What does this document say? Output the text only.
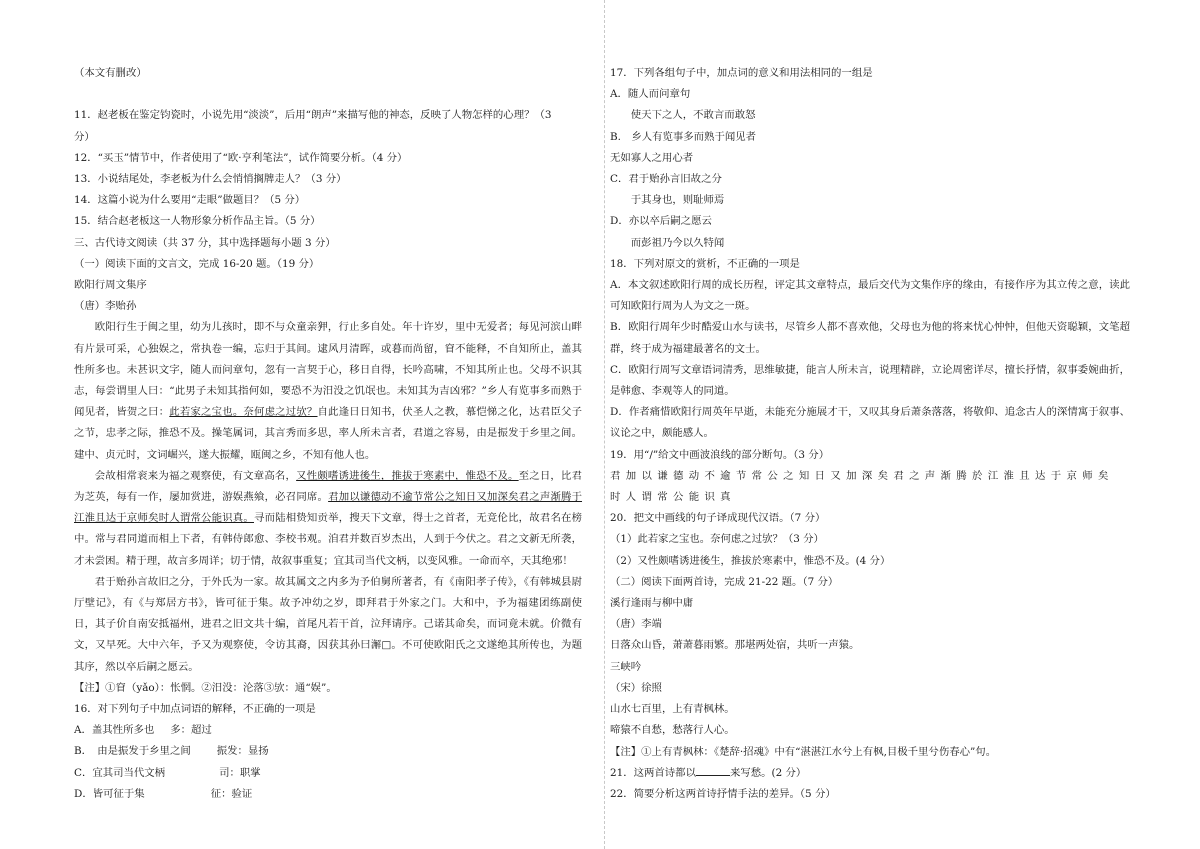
（本文有删改）
11．赵老板在鉴定钧瓷时，小说先用“淡淡”，后用“朗声”来描写他的神态，反映了人物怎样的心理？（3
分）
12．“买玉”情节中，作者使用了“欧·亨利笔法”，试作简要分析。（4 分）
13．小说结尾处，李老板为什么会悄悄搁牌走人？（3 分）
14．这篇小说为什么要用“走眼”做题目？（5 分）
15．结合赵老板这一人物形象分析作品主旨。（5 分）
三、古代诗文阅读（共 37 分，其中选择题每小题 3 分）
（一）阅读下面的文言文，完成 16-20 题。（19 分）
欧阳行周文集序
（唐）李贻孙
欧阳行生于闽之里，幼为儿孩时，即不与众童亲狎，行止多自处。年十许岁，里中无爱者；每见河滨山畔有片景可采，心独娱之，常执卷一编，忘归于其间。逮风月清晖，或暮而尚留，窅不能释，不自知所止，盖其性所多也。未甚识文字，随人而问章句，忽有一言契于心，移日自得，长吟高啸，不知其所止也。父母不识其志，每尝谓里人曰：“此男子未知其指何如，要恐不为汨没之饥氓也。未知其为吉凶邪？”乡人有览事多而熟于闻见者，皆贺之曰：此若家之宝也。奈何虑之过欤？自此逢日日知书，伏圣人之教，慕恺悌之化，达君臣父子之节，忠孝之际，推恐不及。操笔属词，其言秀而多思，率人所未言者，君道之容易，由是振发于乡里之间。建中、贞元时，文词崛兴，遂大振耀，瓯闽之乡，不知有他人也。
会故相常衮来为福之观察使，有文章高名，又性颇嗜诱进後生，推拔于寒素中，惟恐不及。至之日，比君为芝英，每有一作，屡加赏进，游娱燕飨，必召同席。君加以谦德动不逾节常公之知日又加深矣君之声渐腾于江淮且达于京师矣时人谓常公能识真。寻而陆相贽知贡举，搜天下文章，得士之首者，无竞伦比，故君名在榜中。常与君同道而相上下者，有韩侍郎愈、李校书观。洎君并数百岁杰出，人到于今伏之。君之文新无所袭，才未尝困。精于理，故言多周详；切于情，故叙事重复；宜其司当代文柄，以变风雅。一命而卒，天其绝邪！
君于贻孙言故旧之分，于外氏为一家。故其属文之内多为予伯舅所著者，有《南阳孝子传》，《有韩城县尉厅壁记》，有《与郑居方书》，皆可征于集。故予冲幼之岁，即拜君于外家之门。大和中，予为福建团练副使日，其子价自南安抵福州，进君之旧文共十编，首尾凡若干首，泣拜请序。己诺其命矣，而词竟未就。价微有文，又早死。大中六年，予又为观察使，令访其裔，因获其孙曰澥□。不可使欧阳氏之文遂绝其所传也，为题其序，然以卒后嗣之愿云。
【注】①窅（yǎo）：怅惘。②汨没：沦落③欤：通“娱”。
16．对下列句子中加点词语的解释，不正确的一项是
A．盖其性所多也 多：超过
B．　由是振发于乡里之间	振发：显扬
C．宜其司当代文柄	司：职掌
D．皆可征于集	征：验证
17．下列各组句子中，加点词的意义和用法相同的一组是
A．随人而问章句
使天下之人，不敢言而敢怒
B.　乡人有览事多而熟于闻见者
无如寡人之用心者
C．君于贻孙言旧故之分
于其身也，则耻师焉
D．亦以卒后嗣之愿云
而彭祖乃今以久特闻
18．下列对原文的赏析，不正确的一项是
A．本文叙述欧阳行周的成长历程，评定其文章特点，最后交代为文集作序的缘由，有接作序为其立传之意，读此可知欧阳行周为人为文之一斑。
B．欧阳行周年少时酷爱山水与读书，尽管乡人都不喜欢他，父母也为他的将来忧心忡忡，但他天资聪颖，文笔超群，终于成为福建最著名的文士。
C．欧阳行周写文章语词清秀，思维敏捷，能言人所未言，说理精辟，立论周密详尽，擅长抒情，叙事委婉曲折，是韩愈、李观等人的同道。
D．作者痛惜欧阳行周英年早逝，未能充分施展才干，又叹其身后萧条落落，将敬仰、追念古人的深情寓于叙事、议论之中，颇能感人。
19．用“/”给文中画波浪线的部分断句。（3 分）
君加以谦德动不逾节常公之知日又加深矣君之声渐腾於江淮且达于京师矣
时人谓常公能识真
20．把文中画线的句子译成现代汉语。（7 分）
（1）此若家之宝也。奈何虑之过欤？（3 分）
（2）又性颇嗜诱进後生，推拔於寒素中，惟恐不及。(4 分）
（二）阅读下面两首诗，完成 21-22 题。（7 分）
溪行逢雨与柳中庸
（唐）李端
日落众山昏，萧萧暮雨繁。那堪两处宿，共听一声猿。
三峡吟
（宋）徐照
山水七百里，上有青枫林。
啼猿不自愁，愁落行人心。
【注】①上有青枫林：《楚辞·招魂》中有“湛湛江水兮上有枫,目极千里兮伤春心”句。
21．这两首诗都以	来写愁。(2 分）
22．简要分析这两首诗抒情手法的差异。（5 分）
